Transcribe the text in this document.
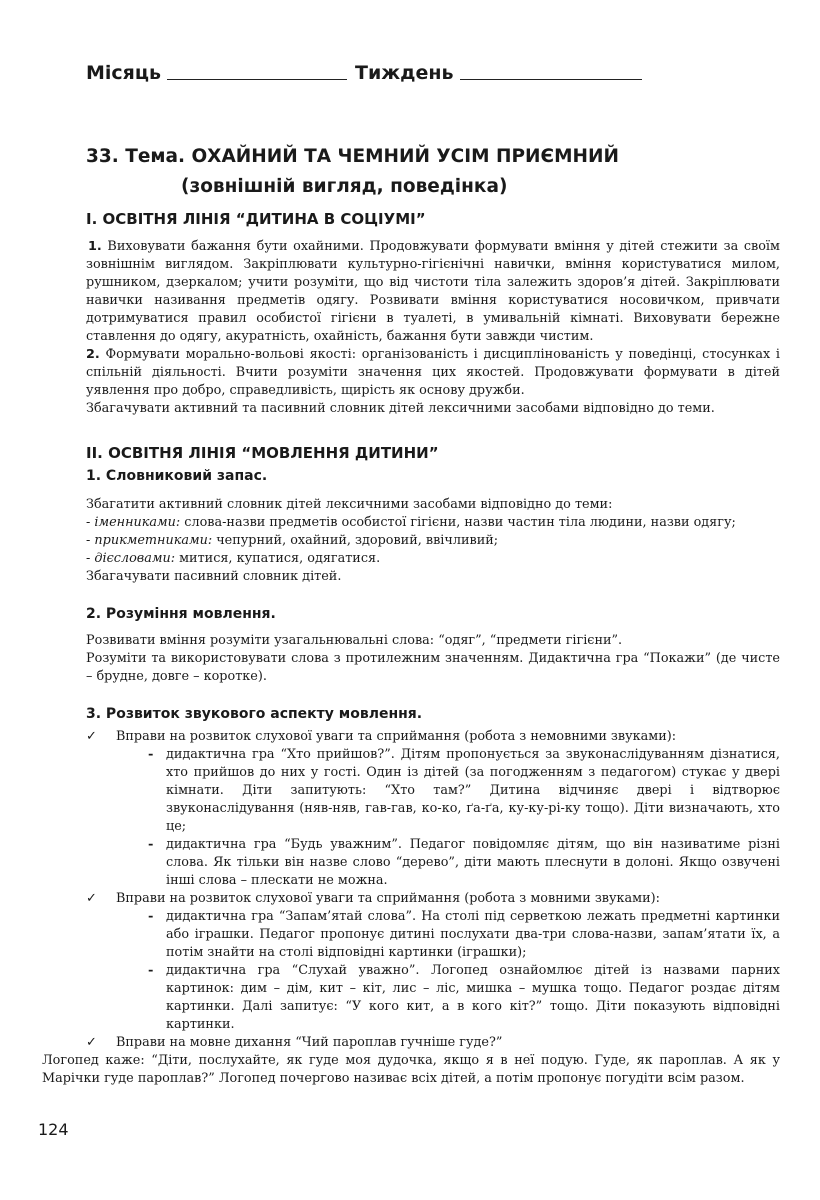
Місяць	Тиждень
33. Тема. ОХАЙНИЙ ТА ЧЕМНИЙ УСІМ ПРИЄМНИЙ
(зовнішній вигляд, поведінка)
I. ОСВІТНЯ ЛІНІЯ “ДИТИНА В СОЦІУМІ”

1. Виховувати бажання бути охайними. Продовжувати формувати вміння у дітей стежити за своїм зовнішнім виглядом. Закріплювати культурно-гігієнічні навички, вміння користуватися милом, рушником, дзеркалом; учити розуміти, що від чистоти тіла залежить здоров’я дітей. Закріплювати навички називання предметів одягу. Розвивати вміння користуватися носовичком, привчати дотримуватися правил особистої гігієни в туалеті, в умивальній кімнаті. Виховувати бережне ставлення до одягу, акуратність, охайність, бажання бути завжди чистим.

2. Формувати морально-вольові якості: організованість і дисциплінованість у поведінці, стосунках і спільній діяльності. Вчити розуміти значення цих якостей. Продовжувати формувати в дітей уявлення про добро, справедливість, щирість як основу дружби.

Збагачувати активний та пасивний словник дітей лексичними засобами відповідно до теми.

II. ОСВІТНЯ ЛІНІЯ “МОВЛЕННЯ ДИТИНИ”
1. Словниковий запас.

Збагатити активний словник дітей лексичними засобами відповідно до теми:

- іменниками: слова-назви предметів особистої гігієни, назви частин тіла людини, назви одягу;

- прикметниками: чепурний, охайний, здоровий, ввічливий;

- дієсловами: митися, купатися, одягатися.

Збагачувати пасивний словник дітей.

2. Розуміння мовлення.

Розвивати вміння розуміти узагальнювальні слова: “одяг”, “предмети гігієни”.

Розуміти та використовувати слова з протилежним значенням. Дидактична гра “Покажи” (де чисте – брудне, довге – коротке).

3. Розвиток звукового аспекту мовлення.
✓	Вправи на розвиток слухової уваги та сприймання (робота з немовними звуками):

- дидактична гра “Хто прийшов?”. Дітям пропонується за звуконаслідуванням дізнатися, хто прийшов до них у гості. Один із дітей (за погодженням з педагогом) стукає у двері кімнати. Діти запитують: “Хто там?” Дитина відчиняє двері і відтворює звуконаслідування (няв-няв, гав-гав, ко-ко, ґа-ґа, ку-ку-рі-ку тощо). Діти визначають, хто це;

- дидактична гра “Будь уважним”. Педагог повідомляє дітям, що він називатиме різні слова. Як тільки він назве слово “дерево”, діти мають плеснути в долоні. Якщо озвучені інші слова – плескати не можна.

✓	Вправи на розвиток слухової уваги та сприймання (робота з мовними звуками):

- дидактична гра “Запам’ятай слова”. На столі під серветкою лежать предметні картинки або іграшки. Педагог пропонує дитині послухати два-три слова-назви, запам’ятати їх, а потім знайти на столі відповідні картинки (іграшки);

- дидактична гра “Слухай уважно”. Логопед ознайомлює дітей із назвами парних картинок: дим – дім, кит – кіт, лис – ліс, мишка – мушка тощо. Педагог роздає дітям картинки. Далі запитує: “У кого кит, а в кого кіт?” тощо. Діти показують відповідні картинки.

✓	Вправи на мовне дихання “Чий пароплав гучніше гуде?”

Логопед каже: “Діти, послухайте, як гуде моя дудочка, якщо я в неї подую. Гуде, як пароплав. А як у Марічки гуде пароплав?” Логопед почергово називає всіх дітей, а потім пропонує погудіти всім разом.

124
